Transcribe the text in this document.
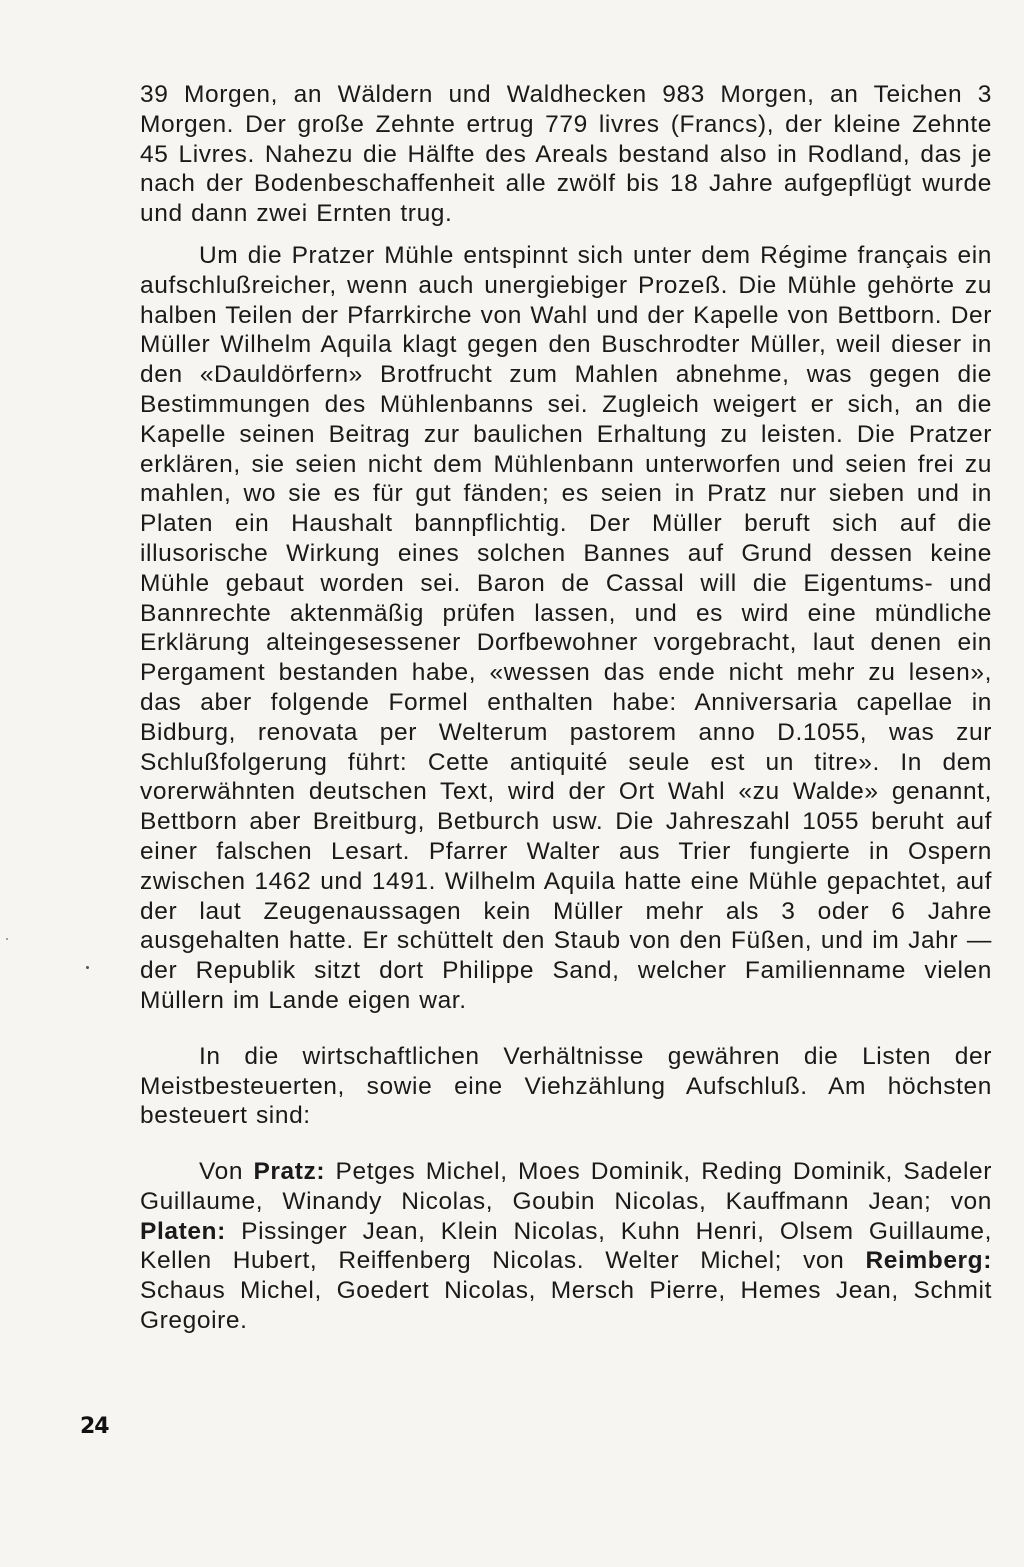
39 Morgen, an Wäldern und Waldhecken 983 Morgen, an Teichen 3 Morgen. Der große Zehnte ertrug 779 livres (Francs), der kleine Zehnte 45 Livres. Nahezu die Hälfte des Areals bestand also in Rodland, das je nach der Bodenbeschaffenheit alle zwölf bis 18 Jahre aufgepflügt wurde und dann zwei Ernten trug.

Um die Pratzer Mühle entspinnt sich unter dem Régime français ein aufschlußreicher, wenn auch unergiebiger Prozeß. Die Mühle gehörte zu halben Teilen der Pfarrkirche von Wahl und der Kapelle von Bettborn. Der Müller Wilhelm Aquila klagt gegen den Buschrodter Müller, weil dieser in den «Dauldörfern» Brotfrucht zum Mahlen abnehme, was gegen die Bestimmungen des Mühlenbanns sei. Zugleich weigert er sich, an die Kapelle seinen Beitrag zur baulichen Erhaltung zu leisten. Die Pratzer erklären, sie seien nicht dem Mühlenbann unterworfen und seien frei zu mahlen, wo sie es für gut fänden; es seien in Pratz nur sieben und in Platen ein Haushalt bannpflichtig. Der Müller beruft sich auf die illusorische Wirkung eines solchen Bannes auf Grund dessen keine Mühle gebaut worden sei. Baron de Cassal will die Eigentums- und Bannrechte aktenmäßig prüfen lassen, und es wird eine mündliche Erklärung alteingesessener Dorfbewohner vorgebracht, laut denen ein Pergament bestanden habe, «wessen das ende nicht mehr zu lesen», das aber folgende Formel enthalten habe: Anniversaria capellae in Bidburg, renovata per Welterum pastorem anno D.1055, was zur Schlußfolgerung führt: Cette antiquité seule est un titre». In dem vorerwähnten deutschen Text, wird der Ort Wahl «zu Walde» genannt, Bettborn aber Breitburg, Betburch usw. Die Jahreszahl 1055 beruht auf einer falschen Lesart. Pfarrer Walter aus Trier fungierte in Ospern zwischen 1462 und 1491. Wilhelm Aquila hatte eine Mühle gepachtet, auf der laut Zeugenaussagen kein Müller mehr als 3 oder 6 Jahre ausgehalten hatte. Er schüttelt den Staub von den Füßen, und im Jahr — der Republik sitzt dort Philippe Sand, welcher Familienname vielen Müllern im Lande eigen war.

In die wirtschaftlichen Verhältnisse gewähren die Listen der Meistbesteuerten, sowie eine Viehzählung Aufschluß. Am höchsten besteuert sind:

Von Pratz: Petges Michel, Moes Dominik, Reding Dominik, Sadeler Guillaume, Winandy Nicolas, Goubin Nicolas, Kauffmann Jean; von Platen: Pissinger Jean, Klein Nicolas, Kuhn Henri, Olsem Guillaume, Kellen Hubert, Reiffenberg Nicolas. Welter Michel; von Reimberg: Schaus Michel, Goedert Nicolas, Mersch Pierre, Hemes Jean, Schmit Gregoire.

24
